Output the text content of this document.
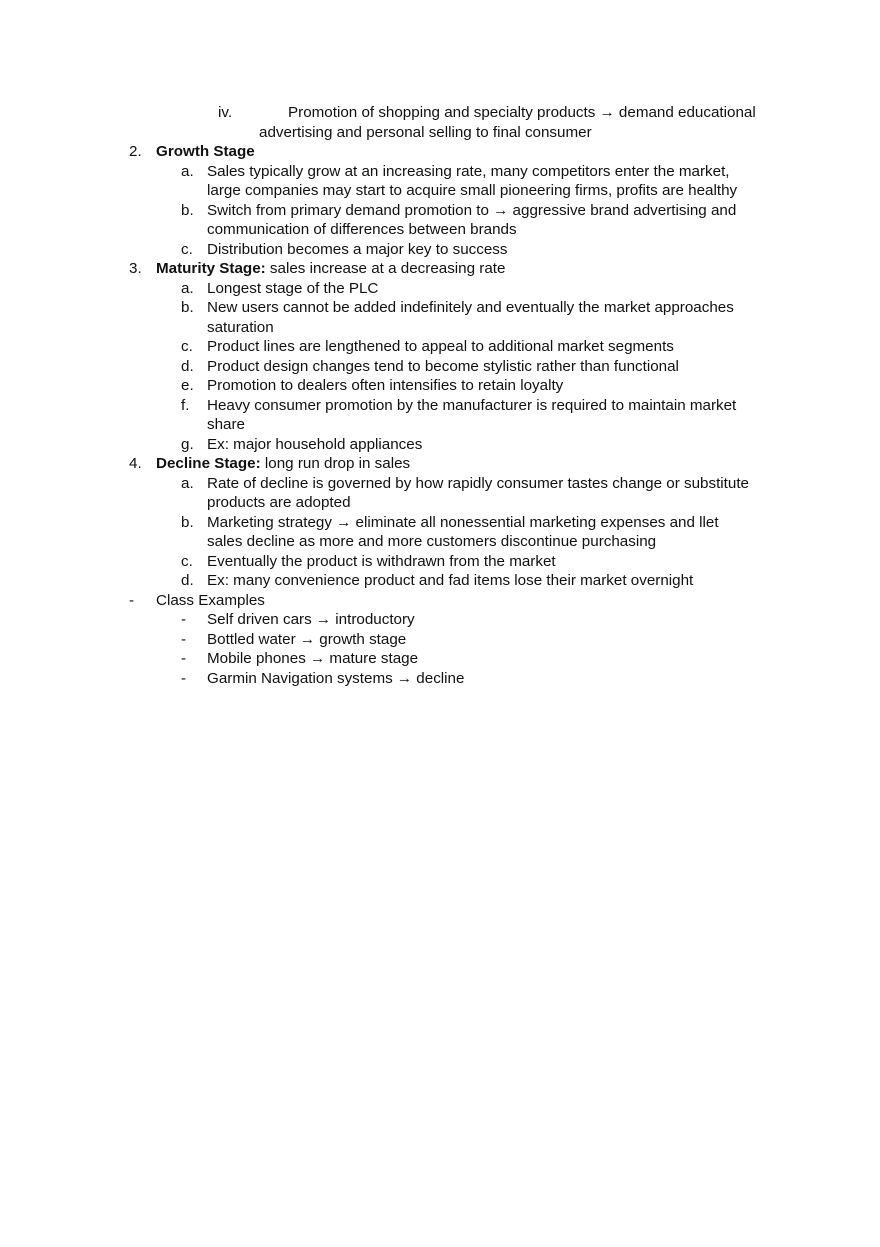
iv.	Promotion of shopping and specialty products → demand educational
advertising and personal selling to final consumer
2. Growth Stage
a. Sales typically grow at an increasing rate, many competitors enter the market,
large companies may start to acquire small pioneering firms, profits are healthy
b. Switch from primary demand promotion to → aggressive brand advertising and
communication of differences between brands
c. Distribution becomes a major key to success
3. Maturity Stage: sales increase at a decreasing rate
a. Longest stage of the PLC
b. New users cannot be added indefinitely and eventually the market approaches
saturation
c. Product lines are lengthened to appeal to additional market segments
d. Product design changes tend to become stylistic rather than functional
e. Promotion to dealers often intensifies to retain loyalty
f. Heavy consumer promotion by the manufacturer is required to maintain market
share
g. Ex: major household appliances
4. Decline Stage: long run drop in sales
a. Rate of decline is governed by how rapidly consumer tastes change or substitute
products are adopted
b. Marketing strategy → eliminate all nonessential marketing expenses and llet
sales decline as more and more customers discontinue purchasing
c. Eventually the product is withdrawn from the market
d. Ex: many convenience product and fad items lose their market overnight
- Class Examples
- Self driven cars → introductory
- Bottled water → growth stage
- Mobile phones → mature stage
- Garmin Navigation systems → decline
